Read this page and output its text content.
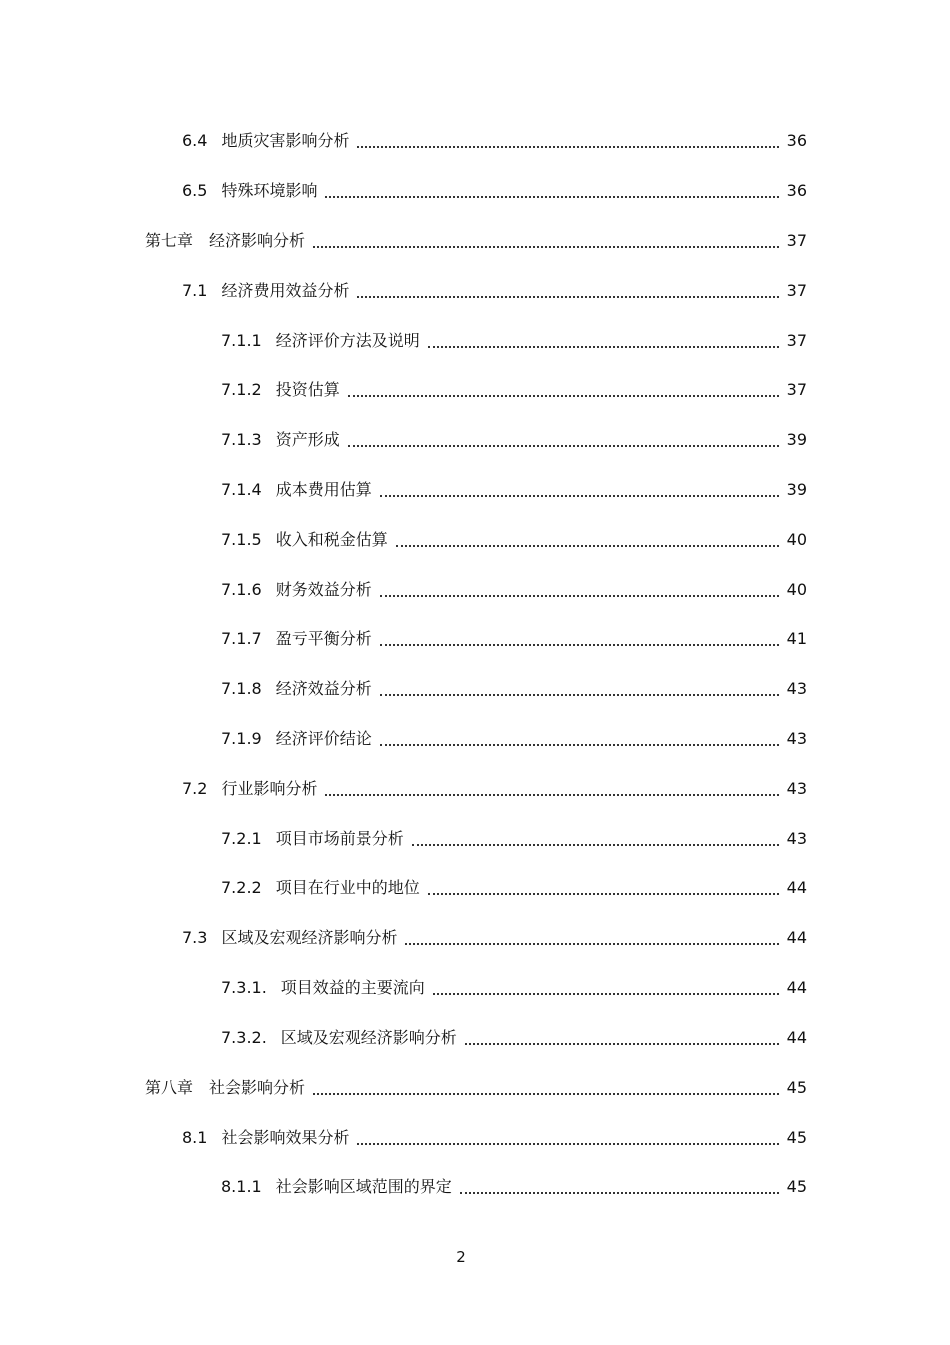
6.4 地质灾害影响分析	36
6.5 特殊环境影响	36
第七章	经济影响分析	37
7.1 经济费用效益分析	37
7.1.1 经济评价方法及说明	37
7.1.2 投资估算	37
7.1.3 资产形成	39
7.1.4 成本费用估算	39
7.1.5 收入和税金估算	40
7.1.6 财务效益分析	40
7.1.7 盈亏平衡分析	41
7.1.8 经济效益分析	43
7.1.9 经济评价结论	43
7.2 行业影响分析	43
7.2.1 项目市场前景分析	43
7.2.2 项目在行业中的地位	44
7.3 区域及宏观经济影响分析	44
7.3.1. 项目效益的主要流向	44
7.3.2. 区域及宏观经济影响分析	44
第八章	社会影响分析	45
8.1 社会影响效果分析	45
8.1.1 社会影响区域范围的界定	45
2
